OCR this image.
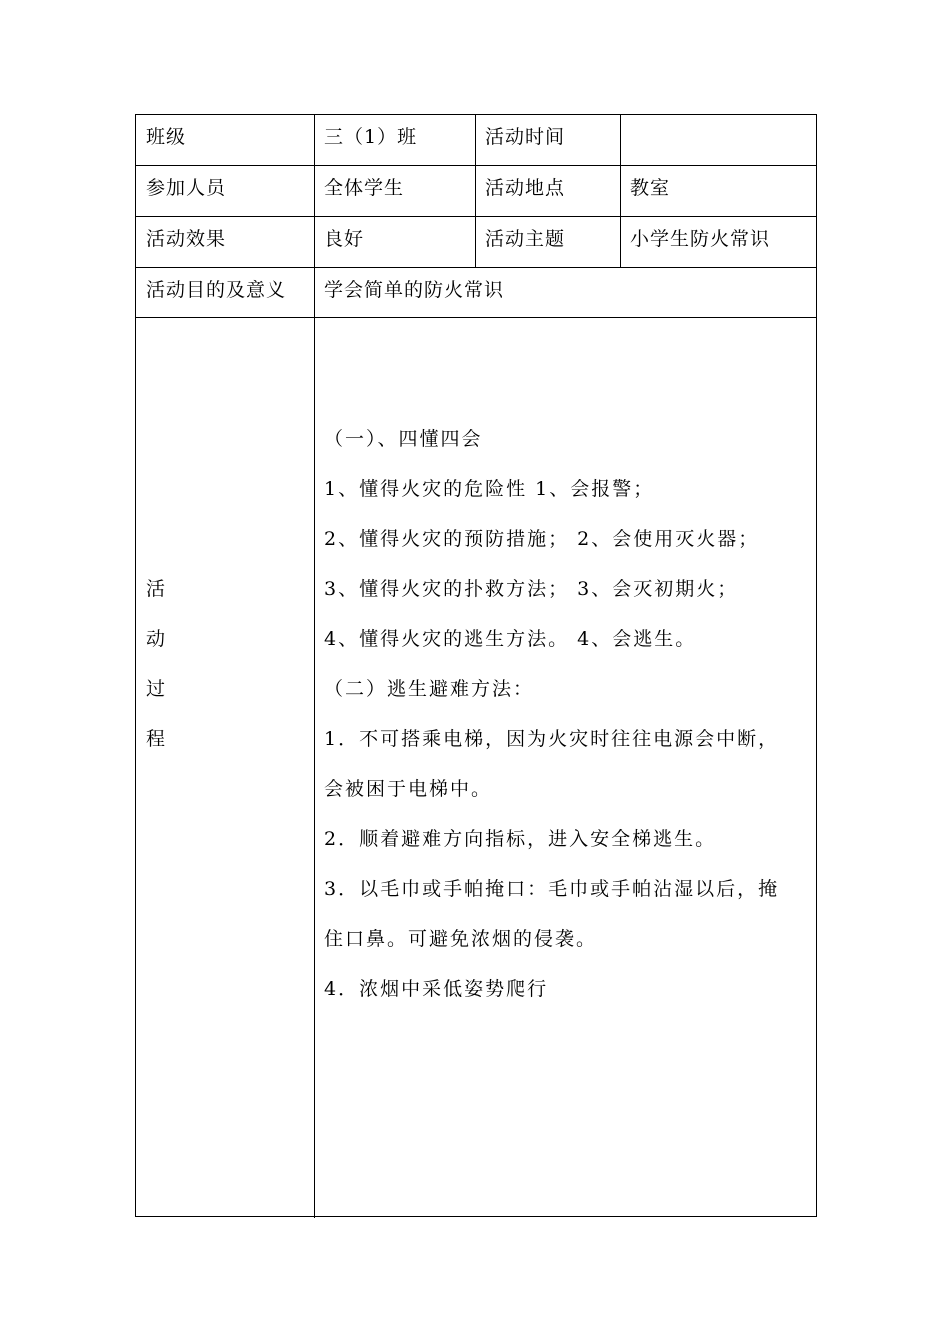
班级	三（1）班	活动时间
参加人员	全体学生	活动地点	教室
活动效果	良好	活动主题	小学生防火常识
活动目的及意义 学会简单的防火常识
活
动
过
程
（一）、四懂四会
1、懂得火灾的危险性 1、会报警；
2、懂得火灾的预防措施； 2、会使用灭火器；
3、懂得火灾的扑救方法； 3、会灭初期火；
4、懂得火灾的逃生方法。 4、会逃生。
（二）逃生避难方法：
1．不可搭乘电梯，因为火灾时往往电源会中断，
会被困于电梯中。
2．顺着避难方向指标，进入安全梯逃生。
3．以毛巾或手帕掩口：毛巾或手帕沾湿以后，掩
住口鼻。可避免浓烟的侵袭。
4．浓烟中采低姿势爬行
